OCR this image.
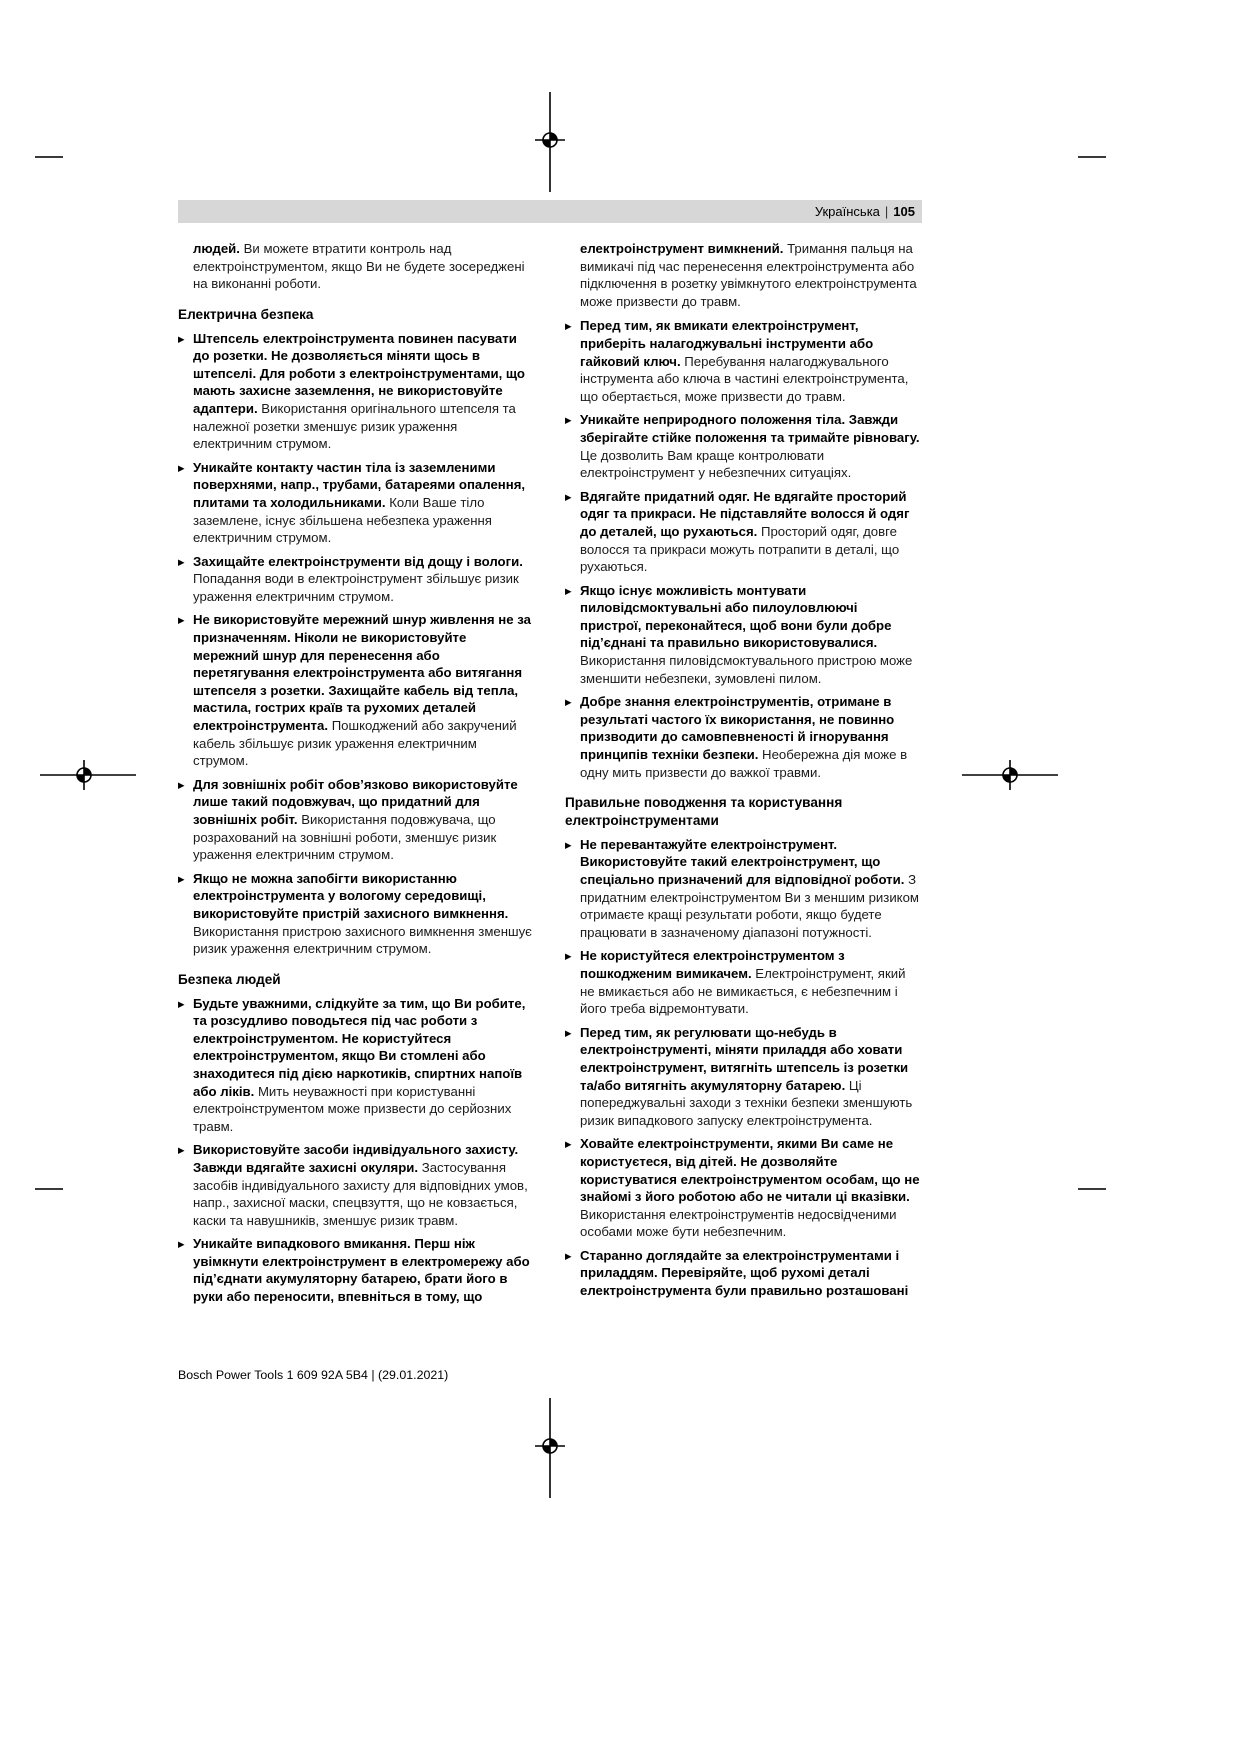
Українська | 105
людей. Ви можете втратити контроль над електроінструментом, якщо Ви не будете зосереджені на виконанні роботи.
Електрична безпека
▶ Штепсель електроінструмента повинен пасувати до розетки. Не дозволяється міняти щось в штепселі. Для роботи з електроінструментами, що мають захисне заземлення, не використовуйте адаптери. Використання оригінального штепселя та належної розетки зменшує ризик ураження електричним струмом.
▶ Уникайте контакту частин тіла із заземленими поверхнями, напр., трубами, батареями опалення, плитами та холодильниками. Коли Ваше тіло заземлене, існує збільшена небезпека ураження електричним струмом.
▶ Захищайте електроінструменти від дощу і вологи. Попадання води в електроінструмент збільшує ризик ураження електричним струмом.
▶ Не використовуйте мережний шнур живлення не за призначенням. Ніколи не використовуйте мережний шнур для перенесення або перетягування електроінструмента або витягання штепселя з розетки. Захищайте кабель від тепла, мастила, гострих країв та рухомих деталей електроінструмента. Пошкоджений або закручений кабель збільшує ризик ураження електричним струмом.
▶ Для зовнішніх робіт обов’язково використовуйте лише такий подовжувач, що придатний для зовнішніх робіт. Використання подовжувача, що розрахований на зовнішні роботи, зменшує ризик ураження електричним струмом.
▶ Якщо не можна запобігти використанню електроінструмента у вологому середовищі, використовуйте пристрій захисного вимкнення. Використання пристрою захисного вимкнення зменшує ризик ураження електричним струмом.
Безпека людей
▶ Будьте уважними, слідкуйте за тим, що Ви робите, та розсудливо поводьтеся під час роботи з електроінструментом. Не користуйтеся електроінструментом, якщо Ви стомлені або знаходитеся під дією наркотиків, спиртних напоїв або ліків. Мить неуважності при користуванні електроінструментом може призвести до серйозних травм.
▶ Використовуйте засоби індивідуального захисту. Завжди вдягайте захисні окуляри. Застосування засобів індивідуального захисту для відповідних умов, напр., захисної маски, спецвзуття, що не ковзається, каски та навушників, зменшує ризик травм.
▶ Уникайте випадкового вмикання. Перш ніж увімкнути електроінструмент в електромережу або під’єднати акумуляторну батарею, брати його в руки або переносити, впевніться в тому, що
електроінструмент вимкнений. Тримання пальця на вимикачі під час перенесення електроінструмента або підключення в розетку увімкнутого електроінструмента може призвести до травм.
▶ Перед тим, як вмикати електроінструмент, приберіть налагоджувальні інструменти або гайковий ключ. Перебування налагоджувального інструмента або ключа в частині електроінструмента, що обертається, може призвести до травм.
▶ Уникайте неприродного положення тіла. Завжди зберігайте стійке положення та тримайте рівновагу. Це дозволить Вам краще контролювати електроінструмент у небезпечних ситуаціях.
▶ Вдягайте придатний одяг. Не вдягайте просторий одяг та прикраси. Не підставляйте волосся й одяг до деталей, що рухаються. Просторий одяг, довге волосся та прикраси можуть потрапити в деталі, що рухаються.
▶ Якщо існує можливість монтувати пиловідсмоктувальні або пилоуловлюючі пристрої, переконайтеся, щоб вони були добре під’єднані та правильно використовувалися. Використання пиловідсмоктувального пристрою може зменшити небезпеки, зумовлені пилом.
▶ Добре знання електроінструментів, отримане в результаті частого їх використання, не повинно призводити до самовпевненості й ігнорування принципів техніки безпеки. Необережна дія може в одну мить призвести до важкої травми.
Правильне поводження та користування електроінструментами
▶ Не перевантажуйте електроінструмент. Використовуйте такий електроінструмент, що спеціально призначений для відповідної роботи. З придатним електроінструментом Ви з меншим ризиком отримаєте кращі результати роботи, якщо будете працювати в зазначеному діапазоні потужності.
▶ Не користуйтеся електроінструментом з пошкодженим вимикачем. Електроінструмент, який не вмикається або не вимикається, є небезпечним і його треба відремонтувати.
▶ Перед тим, як регулювати що-небудь в електроінструменті, міняти приладдя або ховати електроінструмент, витягніть штепсель із розетки та/або витягніть акумуляторну батарею. Ці попереджувальні заходи з техніки безпеки зменшують ризик випадкового запуску електроінструмента.
▶ Ховайте електроінструменти, якими Ви саме не користуєтеся, від дітей. Не дозволяйте користуватися електроінструментом особам, що не знайомі з його роботою або не читали ці вказівки. Використання електроінструментів недосвідченими особами може бути небезпечним.
▶ Старанно доглядайте за електроінструментами і приладдям. Перевіряйте, щоб рухомі деталі електроінструмента були правильно розташовані
Bosch Power Tools 1 609 92A 5B4 | (29.01.2021)
